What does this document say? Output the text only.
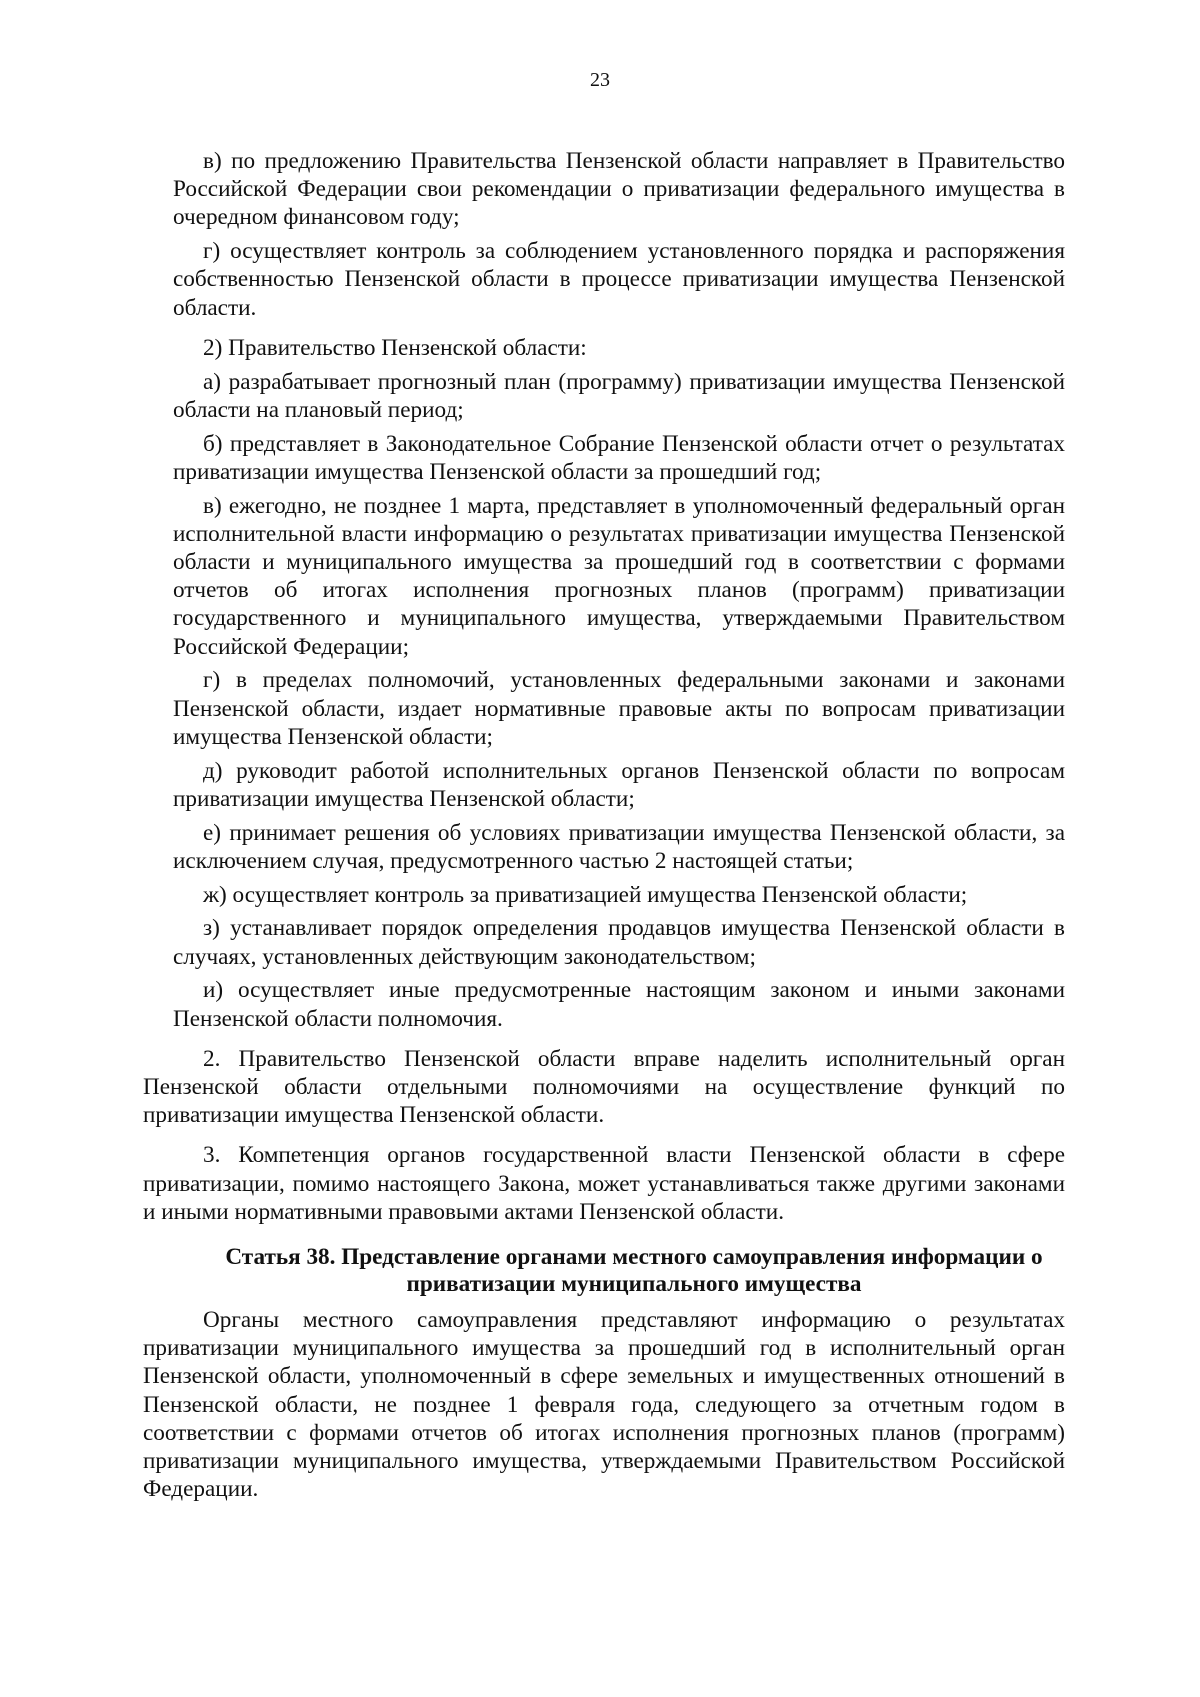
23

в) по предложению Правительства Пензенской области направляет в Правительство Российской Федерации свои рекомендации о приватизации федерального имущества в очередном финансовом году;

г) осуществляет контроль за соблюдением установленного порядка и распоряжения собственностью Пензенской области в процессе приватизации имущества Пензенской области.

2) Правительство Пензенской области:

а) разрабатывает прогнозный план (программу) приватизации имущества Пензенской области на плановый период;

б) представляет в Законодательное Собрание Пензенской области отчет о результатах приватизации имущества Пензенской области за прошедший год;

в) ежегодно, не позднее 1 марта, представляет в уполномоченный федеральный орган исполнительной власти информацию о результатах приватизации имущества Пензенской области и муниципального имущества за прошедший год в соответствии с формами отчетов об итогах исполнения прогнозных планов (программ) приватизации государственного и муниципального имущества, утверждаемыми Правительством Российской Федерации;

г) в пределах полномочий, установленных федеральными законами и законами Пензенской области, издает нормативные правовые акты по вопросам приватизации имущества Пензенской области;

д) руководит работой исполнительных органов Пензенской области по вопросам приватизации имущества Пензенской области;

е) принимает решения об условиях приватизации имущества Пензенской области, за исключением случая, предусмотренного частью 2 настоящей статьи;

ж) осуществляет контроль за приватизацией имущества Пензенской области;

з) устанавливает порядок определения продавцов имущества Пензенской области в случаях, установленных действующим законодательством;

и) осуществляет иные предусмотренные настоящим законом и иными законами Пензенской области полномочия.

2. Правительство Пензенской области вправе наделить исполнительный орган Пензенской области отдельными полномочиями на осуществление функций по приватизации имущества Пензенской области.

3. Компетенция органов государственной власти Пензенской области в сфере приватизации, помимо настоящего Закона, может устанавливаться также другими законами и иными нормативными правовыми актами Пензенской области.

Статья 38. Представление органами местного самоуправления информации о
приватизации муниципального имущества

Органы местного самоуправления представляют информацию о результатах приватизации муниципального имущества за прошедший год в исполнительный орган Пензенской области, уполномоченный в сфере земельных и имущественных отношений в Пензенской области, не позднее 1 февраля года, следующего за отчетным годом в соответствии с формами отчетов об итогах исполнения прогнозных планов (программ) приватизации муниципального имущества, утверждаемыми Правительством Российской Федерации.
